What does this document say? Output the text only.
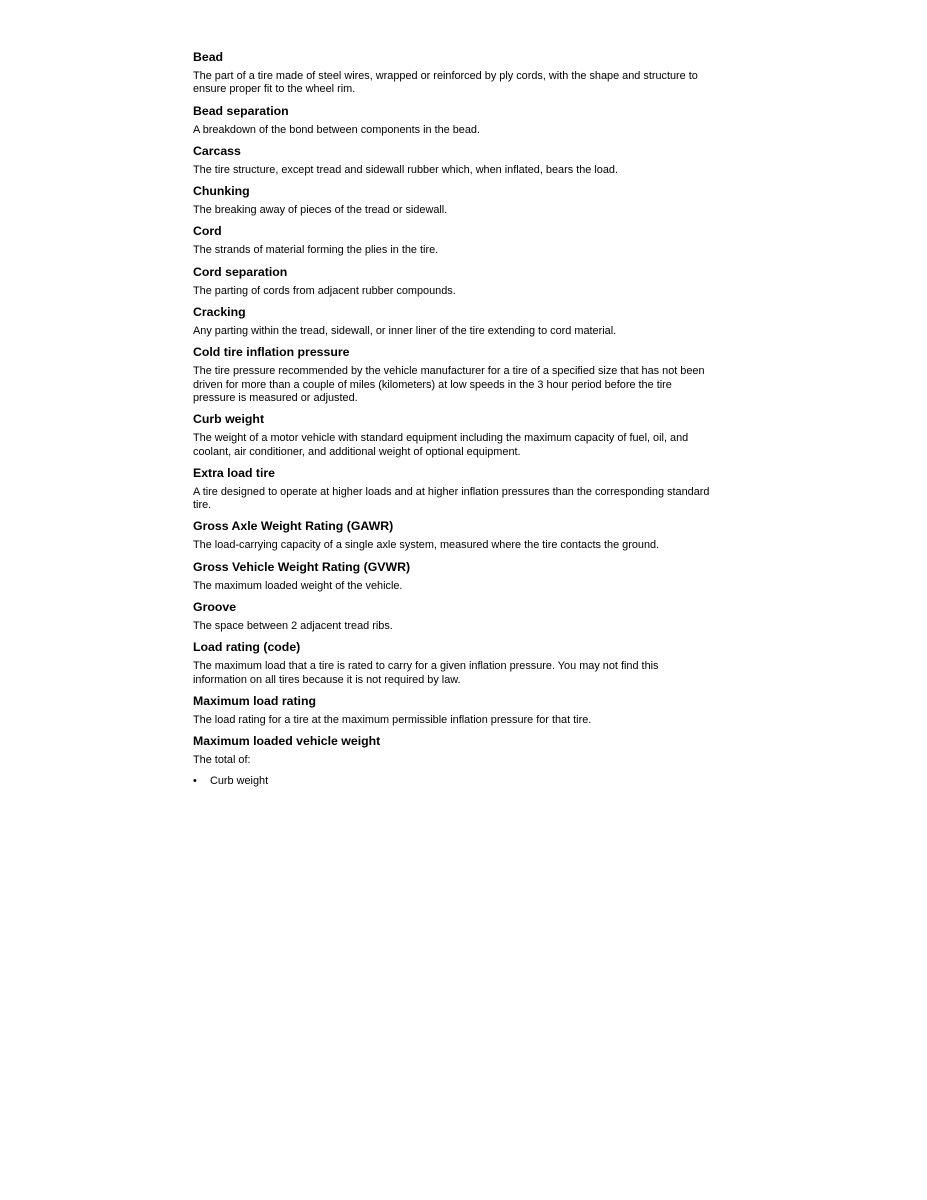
Bead
The part of a tire made of steel wires, wrapped or reinforced by ply cords, with the shape and structure to ensure proper fit to the wheel rim.
Bead separation
A breakdown of the bond between components in the bead.
Carcass
The tire structure, except tread and sidewall rubber which, when inflated, bears the load.
Chunking
The breaking away of pieces of the tread or sidewall.
Cord
The strands of material forming the plies in the tire.
Cord separation
The parting of cords from adjacent rubber compounds.
Cracking
Any parting within the tread, sidewall, or inner liner of the tire extending to cord material.
Cold tire inflation pressure
The tire pressure recommended by the vehicle manufacturer for a tire of a specified size that has not been driven for more than a couple of miles (kilometers) at low speeds in the 3 hour period before the tire pressure is measured or adjusted.
Curb weight
The weight of a motor vehicle with standard equipment including the maximum capacity of fuel, oil, and coolant, air conditioner, and additional weight of optional equipment.
Extra load tire
A tire designed to operate at higher loads and at higher inflation pressures than the corresponding standard tire.
Gross Axle Weight Rating (GAWR)
The load-carrying capacity of a single axle system, measured where the tire contacts the ground.
Gross Vehicle Weight Rating (GVWR)
The maximum loaded weight of the vehicle.
Groove
The space between 2 adjacent tread ribs.
Load rating (code)
The maximum load that a tire is rated to carry for a given inflation pressure. You may not find this information on all tires because it is not required by law.
Maximum load rating
The load rating for a tire at the maximum permissible inflation pressure for that tire.
Maximum loaded vehicle weight
The total of:
• Curb weight
